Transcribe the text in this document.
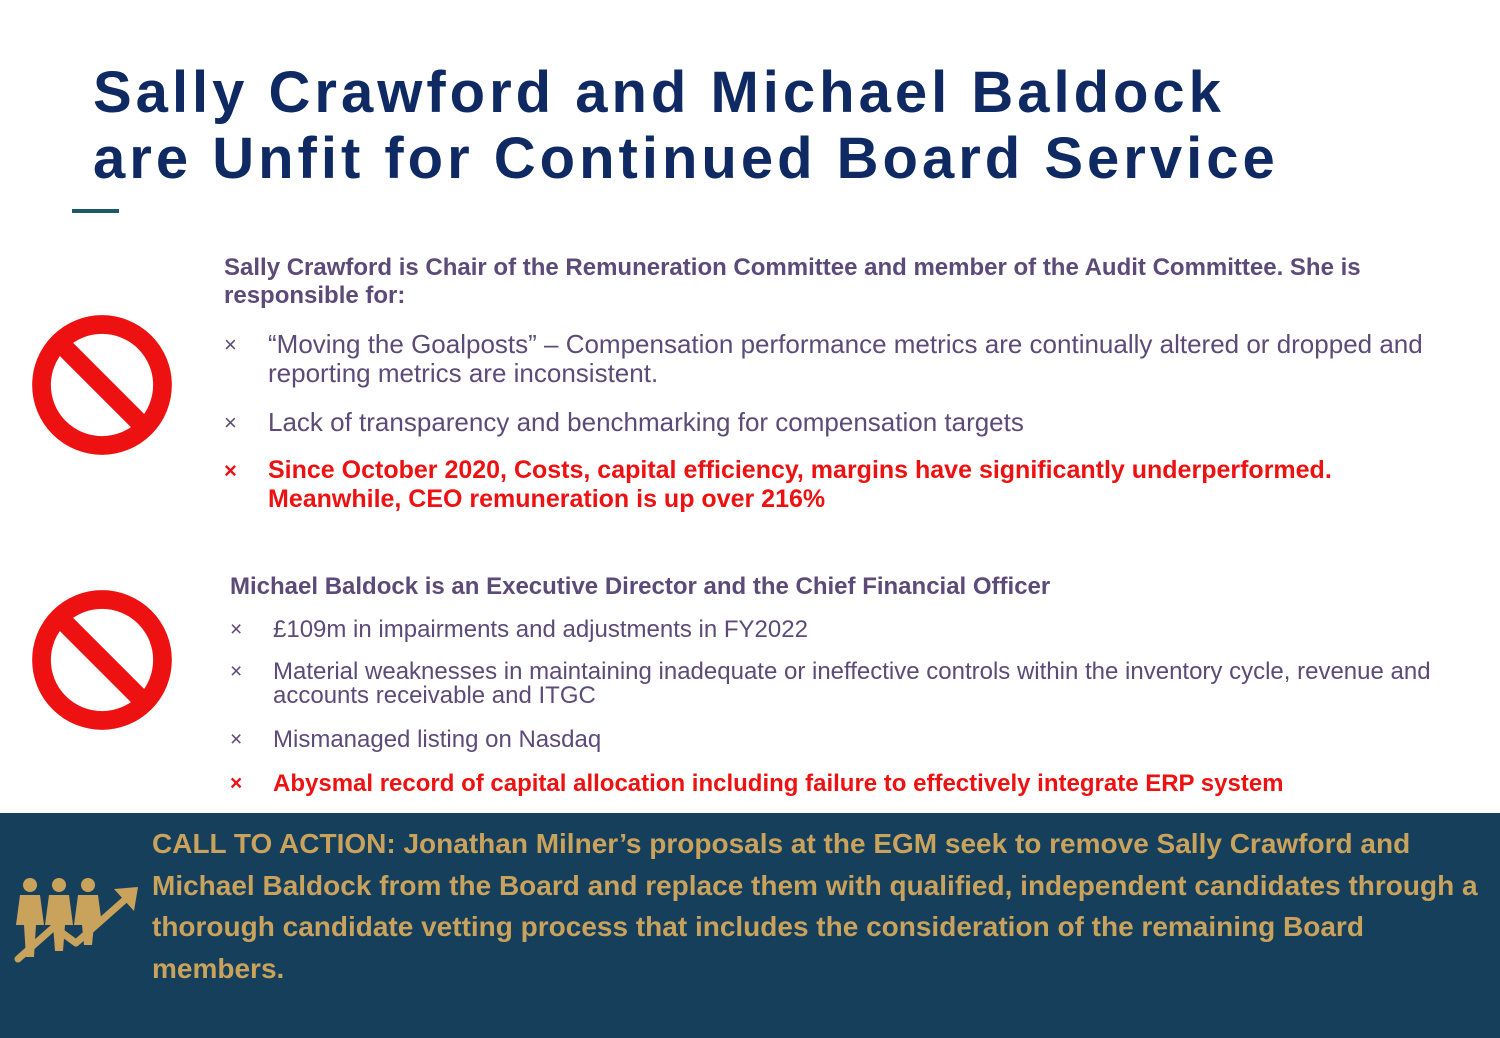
Sally Crawford and Michael Baldock
are Unfit for Continued Board Service

Sally Crawford is Chair of the Remuneration Committee and member of the Audit Committee. She is responsible for:

× “Moving the Goalposts” – Compensation performance metrics are continually altered or dropped and reporting metrics are inconsistent.
× Lack of transparency and benchmarking for compensation targets
× Since October 2020, Costs, capital efficiency, margins have significantly underperformed. Meanwhile, CEO remuneration is up over 216%

Michael Baldock is an Executive Director and the Chief Financial Officer

× £109m in impairments and adjustments in FY2022
× Material weaknesses in maintaining inadequate or ineffective controls within the inventory cycle, revenue and accounts receivable and ITGC
× Mismanaged listing on Nasdaq
× Abysmal record of capital allocation including failure to effectively integrate ERP system

CALL TO ACTION: Jonathan Milner’s proposals at the EGM seek to remove Sally Crawford and Michael Baldock from the Board and replace them with qualified, independent candidates through a thorough candidate vetting process that includes the consideration of the remaining Board members.
